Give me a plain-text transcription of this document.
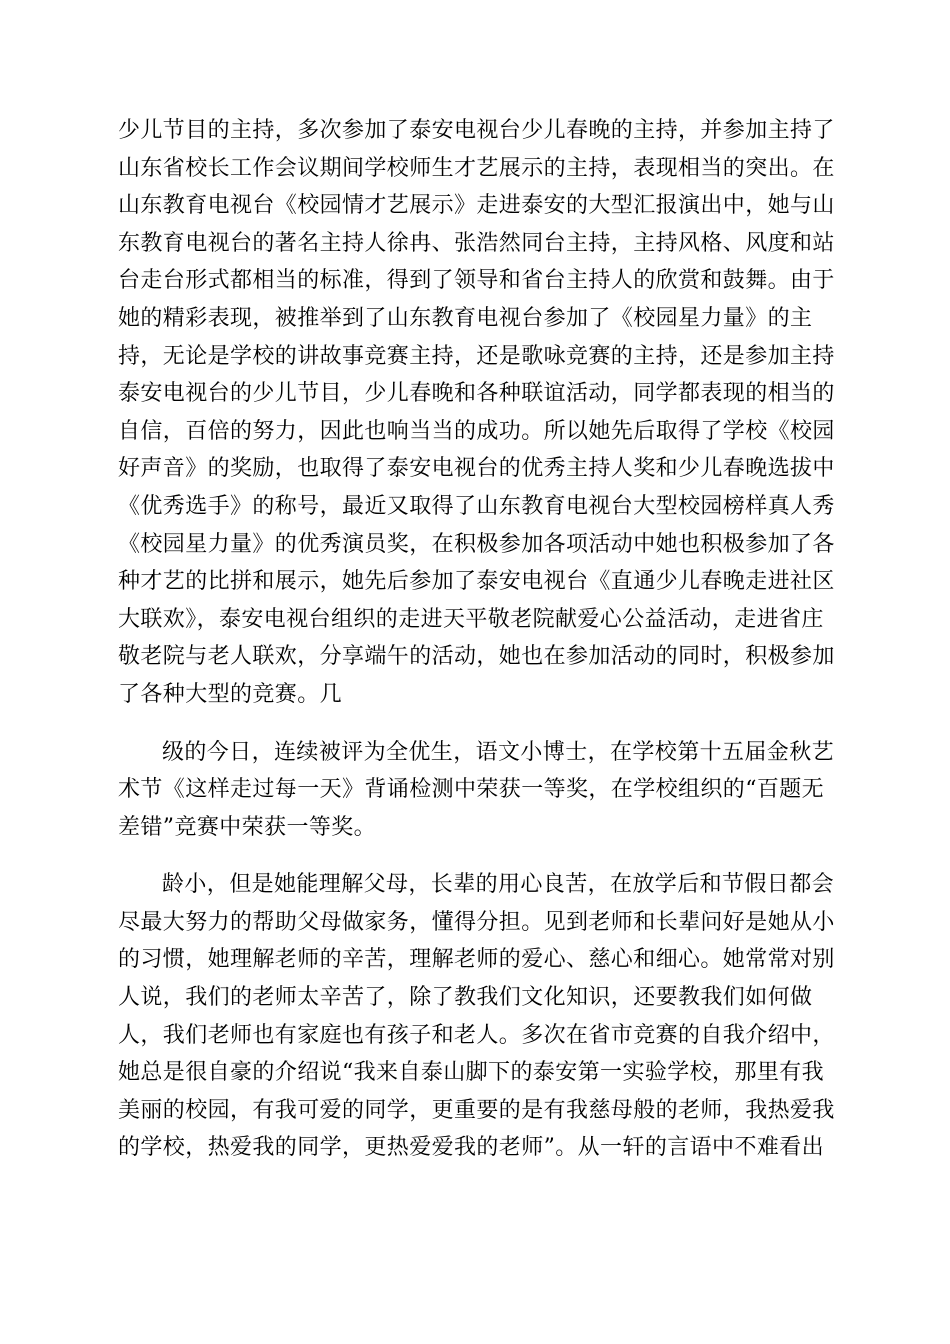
少儿节目的主持，多次参加了泰安电视台少儿春晚的主持，并参加主持了
山东省校长工作会议期间学校师生才艺展示的主持，表现相当的突出。在
山东教育电视台《校园情才艺展示》走进泰安的大型汇报演出中，她与山
东教育电视台的著名主持人徐冉、张浩然同台主持，主持风格、风度和站
台走台形式都相当的标准，得到了领导和省台主持人的欣赏和鼓舞。由于
她的精彩表现，被推举到了山东教育电视台参加了《校园星力量》的主
持，无论是学校的讲故事竞赛主持，还是歌咏竞赛的主持，还是参加主持
泰安电视台的少儿节目，少儿春晚和各种联谊活动，同学都表现的相当的
自信，百倍的努力，因此也响当当的成功。所以她先后取得了学校《校园
好声音》的奖励，也取得了泰安电视台的优秀主持人奖和少儿春晚选拔中
《优秀选手》的称号，最近又取得了山东教育电视台大型校园榜样真人秀
《校园星力量》的优秀演员奖，在积极参加各项活动中她也积极参加了各
种才艺的比拼和展示，她先后参加了泰安电视台《直通少儿春晚走进社区
大联欢》，泰安电视台组织的走进天平敬老院献爱心公益活动，走进省庄
敬老院与老人联欢，分享端午的活动，她也在参加活动的同时，积极参加
了各种大型的竞赛。几
级的今日，连续被评为全优生，语文小博士，在学校第十五届金秋艺
术节《这样走过每一天》背诵检测中荣获一等奖，在学校组织的“百题无
差错”竞赛中荣获一等奖。
龄小，但是她能理解父母，长辈的用心良苦，在放学后和节假日都会
尽最大努力的帮助父母做家务，懂得分担。见到老师和长辈问好是她从小
的习惯，她理解老师的辛苦，理解老师的爱心、慈心和细心。她常常对别
人说，我们的老师太辛苦了，除了教我们文化知识，还要教我们如何做
人，我们老师也有家庭也有孩子和老人。多次在省市竞赛的自我介绍中，
她总是很自豪的介绍说“我来自泰山脚下的泰安第一实验学校，那里有我
美丽的校园，有我可爱的同学，更重要的是有我慈母般的老师，我热爱我
的学校，热爱我的同学，更热爱爱我的老师”。从一轩的言语中不难看出
